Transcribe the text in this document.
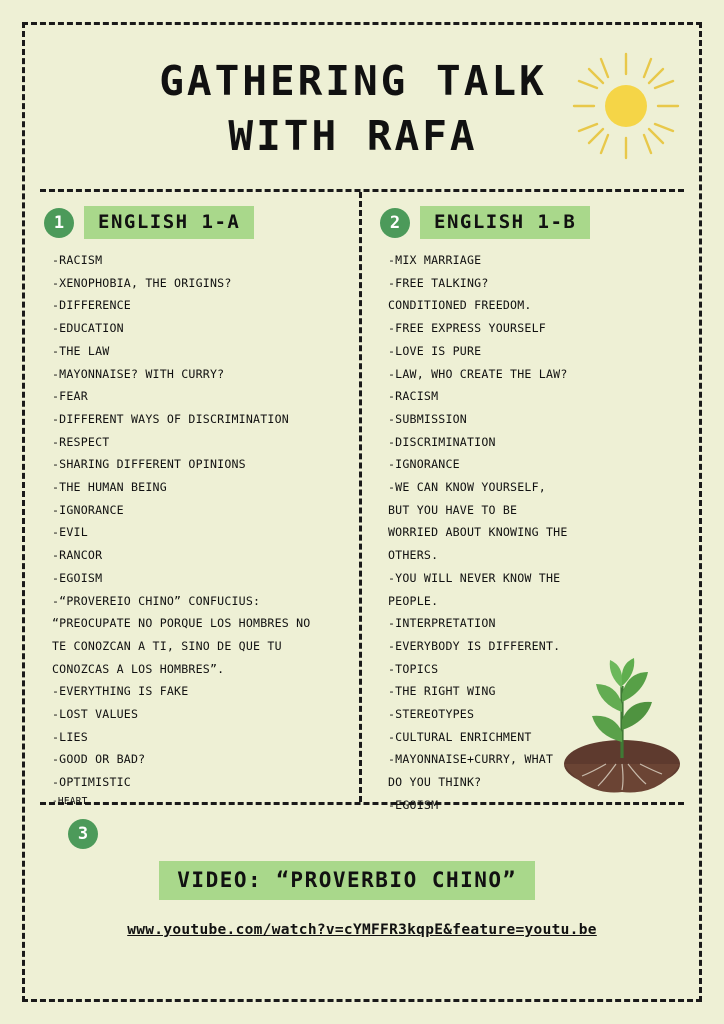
GATHERING TALK
WITH RAFA
1	ENGLISH 1-A
-RACISM
-XENOPHOBIA, THE ORIGINS?
-DIFFERENCE
-EDUCATION
-THE LAW
-MAYONNAISE? WITH CURRY?
-FEAR
-DIFFERENT WAYS OF DISCRIMINATION
-RESPECT
-SHARING DIFFERENT OPINIONS
-THE HUMAN BEING
-IGNORANCE
-EVIL
-RANCOR
-EGOISM
-“PROVEREIO CHINO” CONFUCIUS:
“PREOCUPATE NO PORQUE LOS HOMBRES NO
TE CONOZCAN A TI, SINO DE QUE TU
CONOZCAS A LOS HOMBRES”.
-EVERYTHING IS FAKE
-LOST VALUES
-LIES
-GOOD OR BAD?
-OPTIMISTIC
-HEART
2	ENGLISH 1-B
-MIX MARRIAGE
-FREE TALKING?
CONDITIONED FREEDOM.
-FREE EXPRESS YOURSELF
-LOVE IS PURE
-LAW, WHO CREATE THE LAW?
-RACISM
-SUBMISSION
-DISCRIMINATION
-IGNORANCE
-WE CAN KNOW YOURSELF,
BUT YOU HAVE TO BE
WORRIED ABOUT KNOWING THE
OTHERS.
-YOU WILL NEVER KNOW THE
PEOPLE.
-INTERPRETATION
-EVERYBODY IS DIFFERENT.
-TOPICS
-THE RIGHT WING
-STEREOTYPES
-CULTURAL ENRICHMENT
-MAYONNAISE+CURRY, WHAT
DO YOU THINK?
-EGOISM
3
VIDEO: “PROVERBIO CHINO”
www.youtube.com/watch?v=cYMFFR3kqpE&feature=youtu.be
